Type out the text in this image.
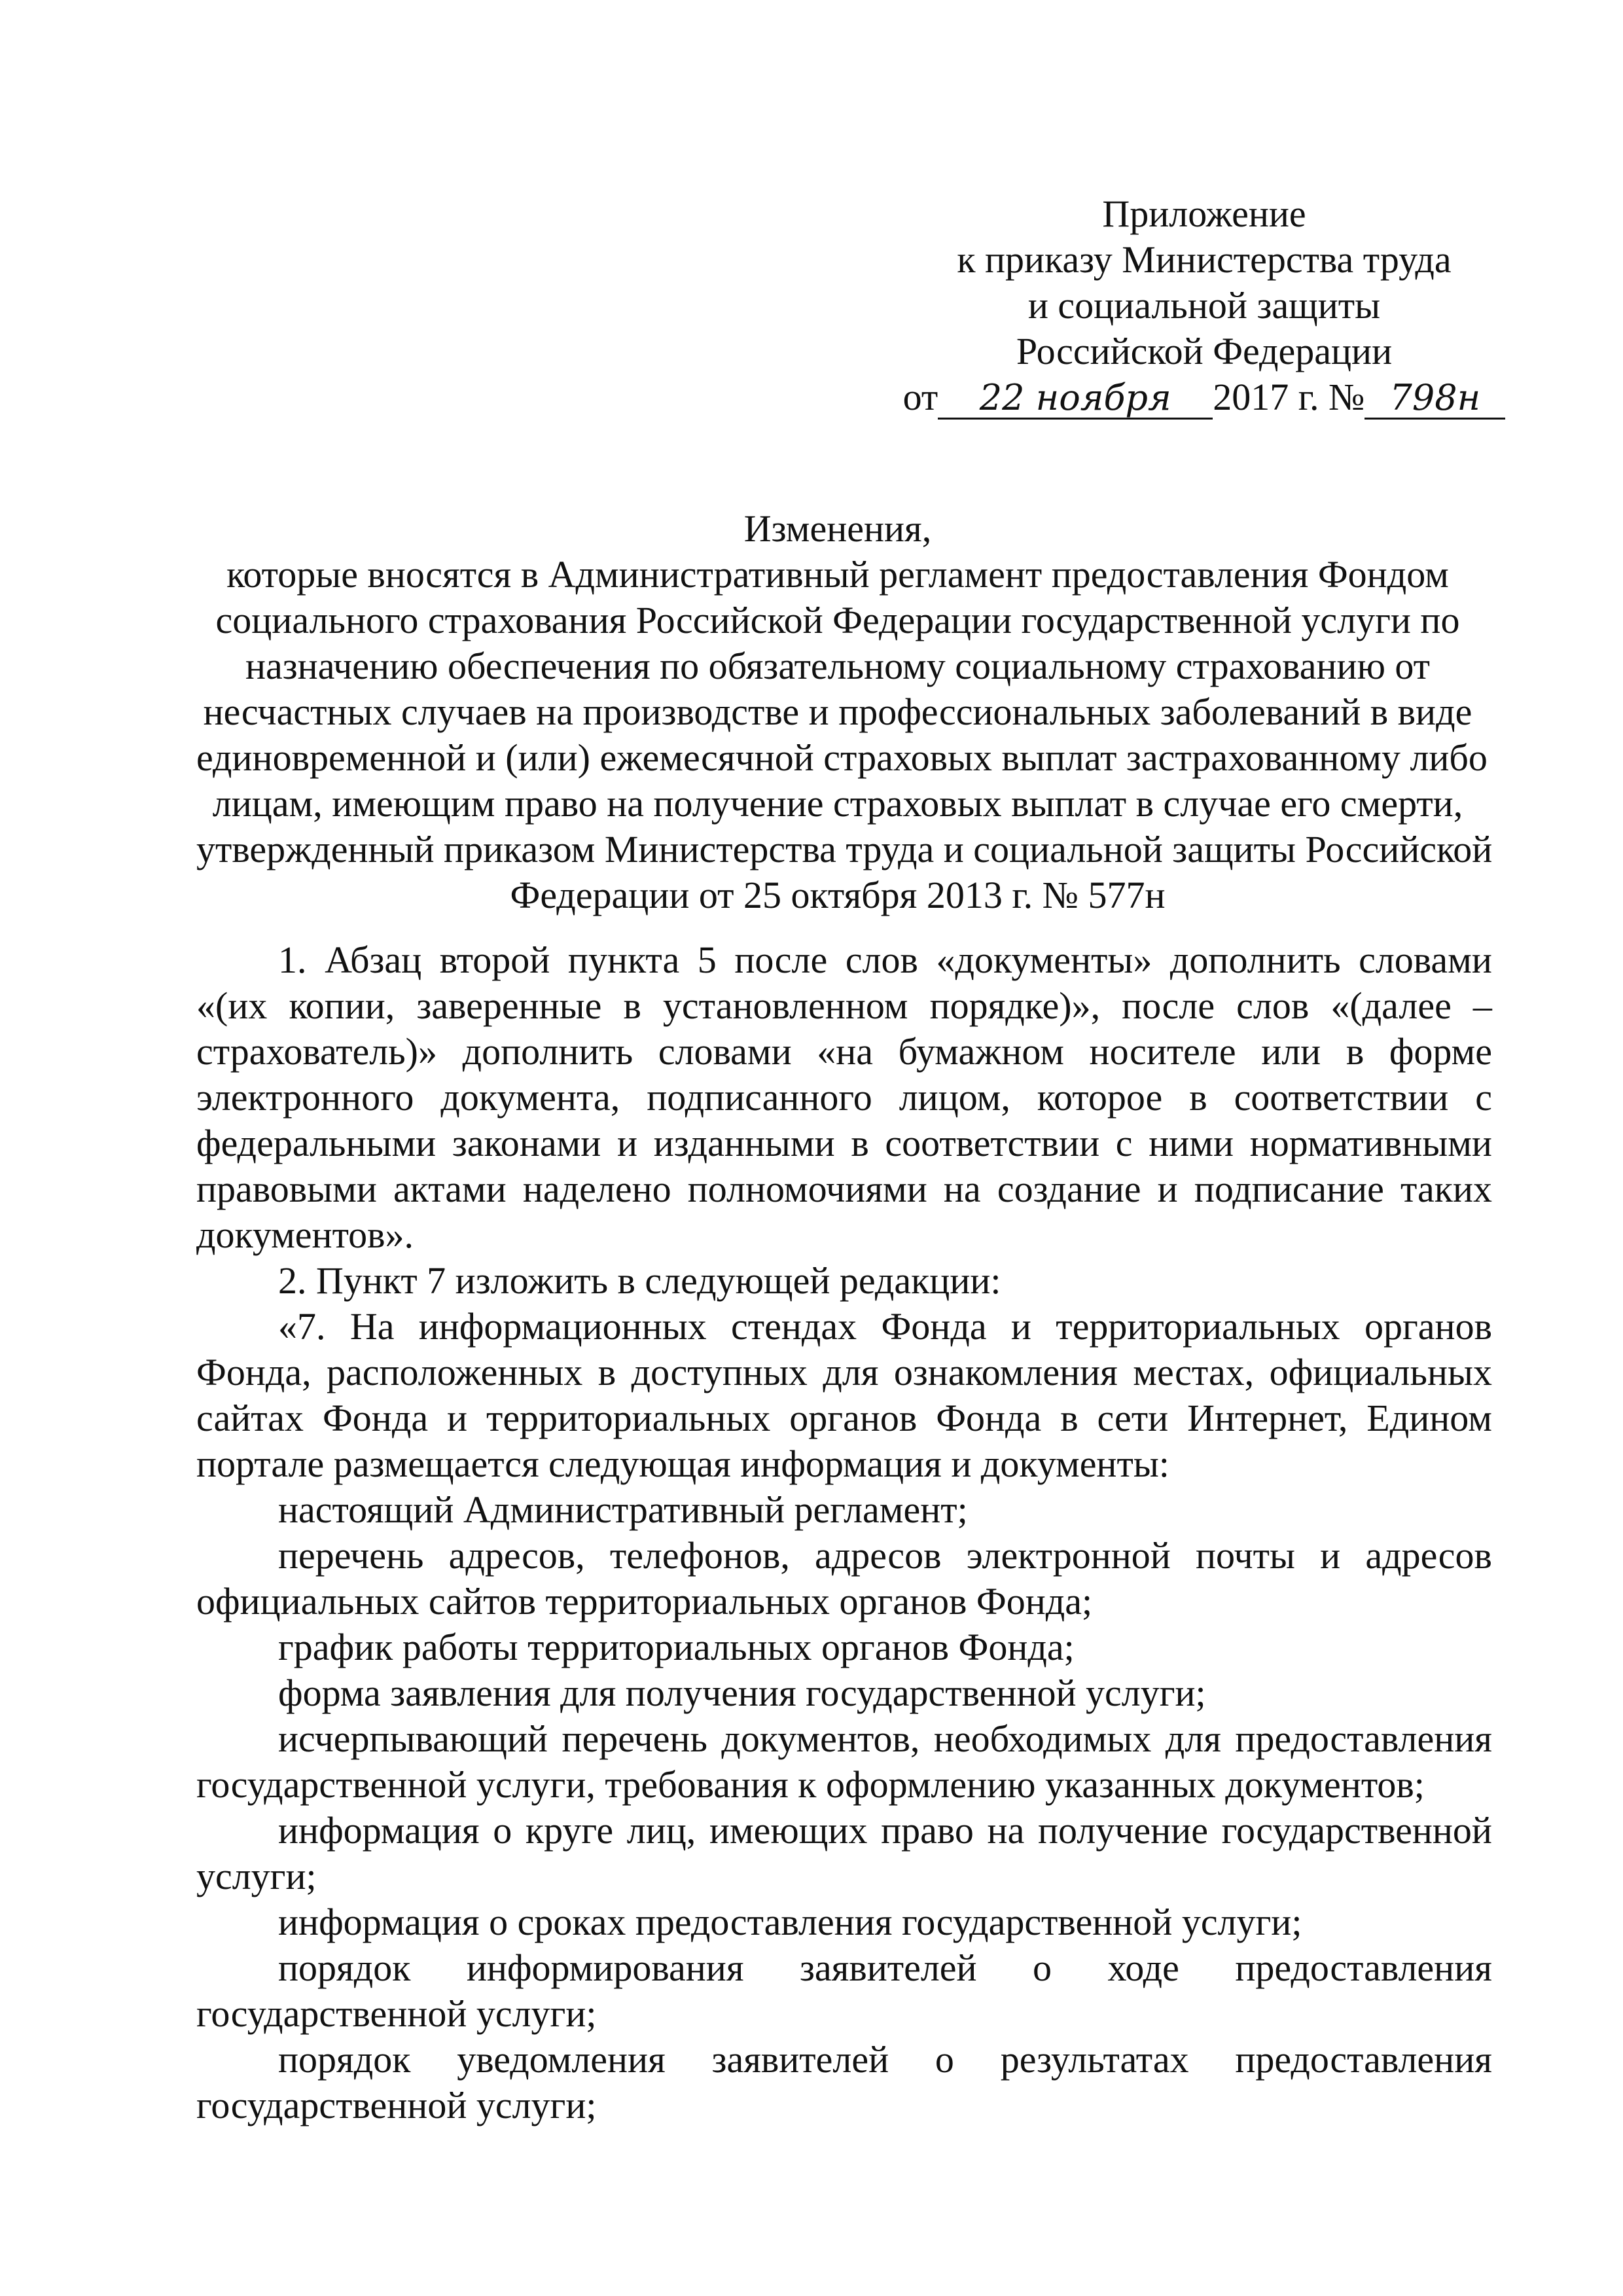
Приложение
к приказу Министерства труда
и социальной защиты
Российской Федерации
от 22 ноября 2017 г. № 798н
Изменения,
которые вносятся в Административный регламент предоставления Фондом
социального страхования Российской Федерации государственной услуги по
назначению обеспечения по обязательному социальному страхованию от
несчастных случаев на производстве и профессиональных заболеваний в виде
единовременной и (или) ежемесячной страховых выплат застрахованному либо
лицам, имеющим право на получение страховых выплат в случае его смерти,
утвержденный приказом Министерства труда и социальной защиты Российской
Федерации от 25 октября 2013 г. № 577н
1. Абзац второй пункта 5 после слов «документы» дополнить словами
«(их копии, заверенные в установленном порядке)», после слов «(далее –
страхователь)» дополнить словами «на бумажном носителе или в форме
электронного документа, подписанного лицом, которое в соответствии с
федеральными законами и изданными в соответствии с ними нормативными
правовыми актами наделено полномочиями на создание и подписание таких
документов».
2. Пункт 7 изложить в следующей редакции:
«7. На информационных стендах Фонда и территориальных органов
Фонда, расположенных в доступных для ознакомления местах, официальных
сайтах Фонда и территориальных органов Фонда в сети Интернет, Едином
портале размещается следующая информация и документы:
настоящий Административный регламент;
перечень адресов, телефонов, адресов электронной почты и адресов
официальных сайтов территориальных органов Фонда;
график работы территориальных органов Фонда;
форма заявления для получения государственной услуги;
исчерпывающий перечень документов, необходимых для предоставления
государственной услуги, требования к оформлению указанных документов;
информация о круге лиц, имеющих право на получение государственной
услуги;
информация о сроках предоставления государственной услуги;
порядок информирования заявителей о ходе предоставления
государственной услуги;
порядок уведомления заявителей о результатах предоставления
государственной услуги;
